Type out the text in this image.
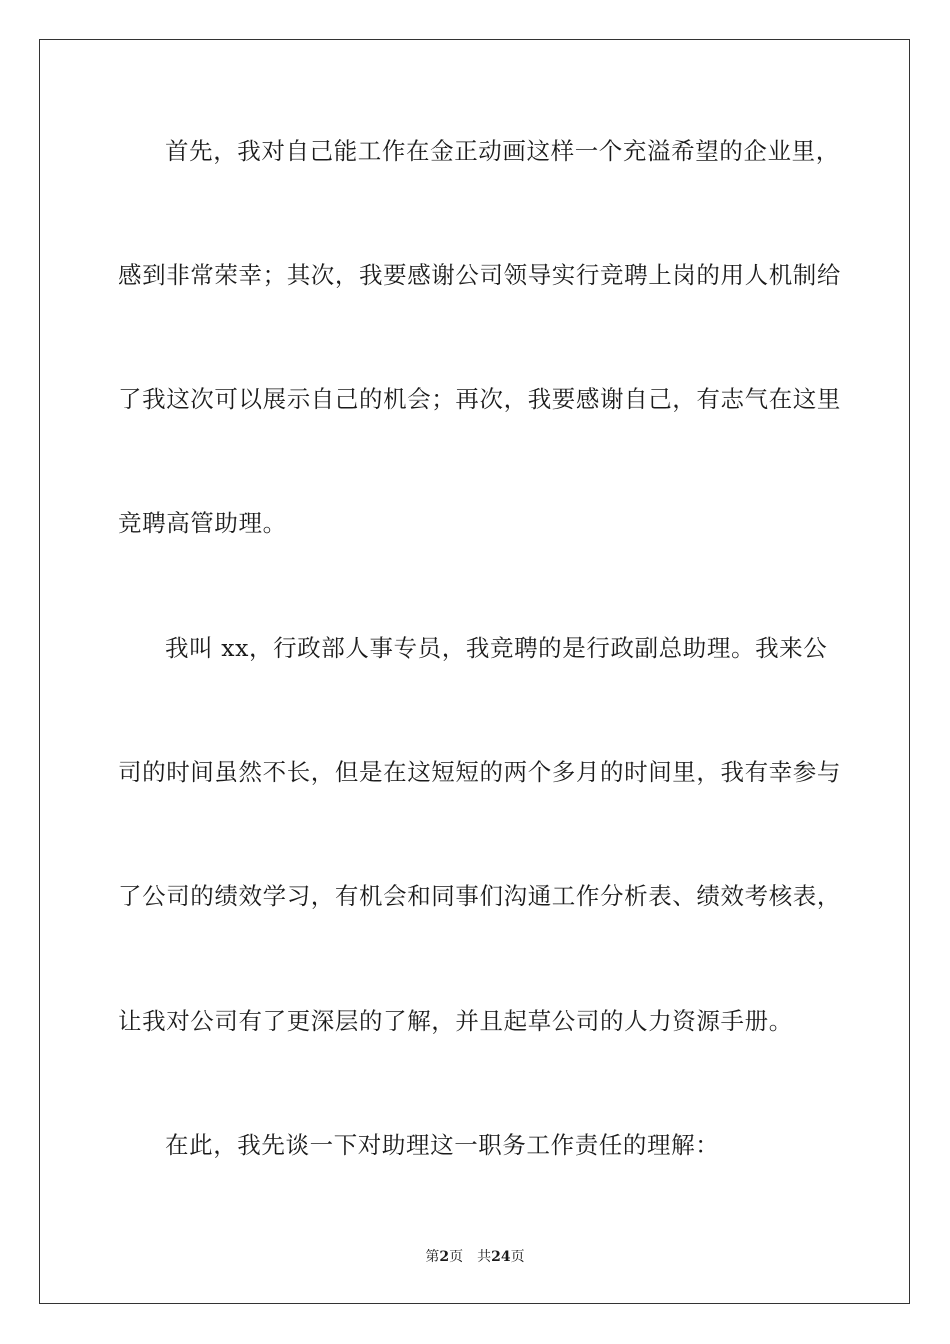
首先，我对自己能工作在金正动画这样一个充溢希望的企业里，
感到非常荣幸；其次，我要感谢公司领导实行竞聘上岗的用人机制给
了我这次可以展示自己的机会；再次，我要感谢自己，有志气在这里
竞聘高管助理。
我叫 xx，行政部人事专员，我竞聘的是行政副总助理。我来公
司的时间虽然不长，但是在这短短的两个多月的时间里，我有幸参与
了公司的绩效学习，有机会和同事们沟通工作分析表、绩效考核表，
让我对公司有了更深层的了解，并且起草公司的人力资源手册。
在此，我先谈一下对助理这一职务工作责任的理解：
第2页 共24页
